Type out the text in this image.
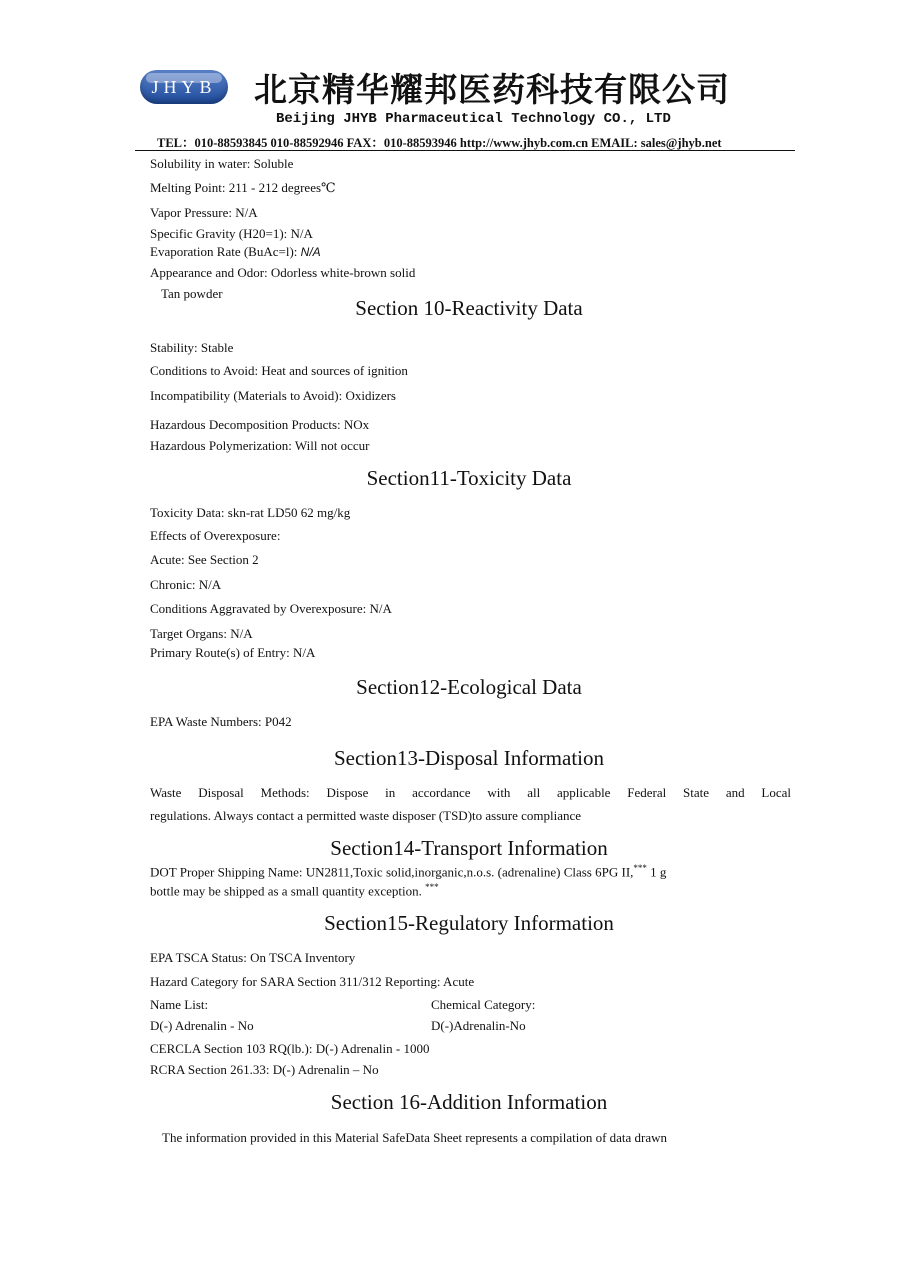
JHYB	北京精华耀邦医药科技有限公司
Beijing JHYB Pharmaceutical Technology CO., LTD
TEL：010-88593845 010-88592946 FAX：010-88593946 http://www.jhyb.com.cn EMAIL: sales@jhyb.net
Solubility in water: Soluble
Melting Point: 211 - 212 degrees℃
Vapor Pressure: N/A
Specific Gravity (H20=1): N/A
Evaporation Rate (BuAc=l): N/A
Appearance and Odor: Odorless white-brown solid
Tan powder
Section 10-Reactivity Data
Stability: Stable
Conditions to Avoid: Heat and sources of ignition
Incompatibility (Materials to Avoid): Oxidizers
Hazardous Decomposition Products: NOx
Hazardous Polymerization: Will not occur
Section11-Toxicity Data
Toxicity Data: skn-rat LD50 62 mg/kg
Effects of Overexposure:
Acute: See Section 2
Chronic: N/A
Conditions Aggravated by Overexposure: N/A
Target Organs: N/A
Primary Route(s) of Entry: N/A
Section12-Ecological Data
EPA Waste Numbers: P042
Section13-Disposal Information
Waste Disposal Methods: Dispose in accordance with all applicable Federal State and Local
regulations. Always contact a permitted waste disposer (TSD)to assure compliance
Section14-Transport Information
DOT Proper Shipping Name: UN2811,Toxic solid,inorganic,n.o.s. (adrenaline) Class 6PG II,*** 1 g
bottle may be shipped as a small quantity exception. ***
Section15-Regulatory Information
EPA TSCA Status: On TSCA Inventory
Hazard Category for SARA Section 311/312 Reporting: Acute
Name List:	Chemical Category:
D(-) Adrenalin - No	D(-)Adrenalin-No
CERCLA Section 103 RQ(lb.): D(-) Adrenalin - 1000
RCRA Section 261.33: D(-) Adrenalin – No
Section 16-Addition Information
The information provided in this Material SafeData Sheet represents a compilation of data drawn
